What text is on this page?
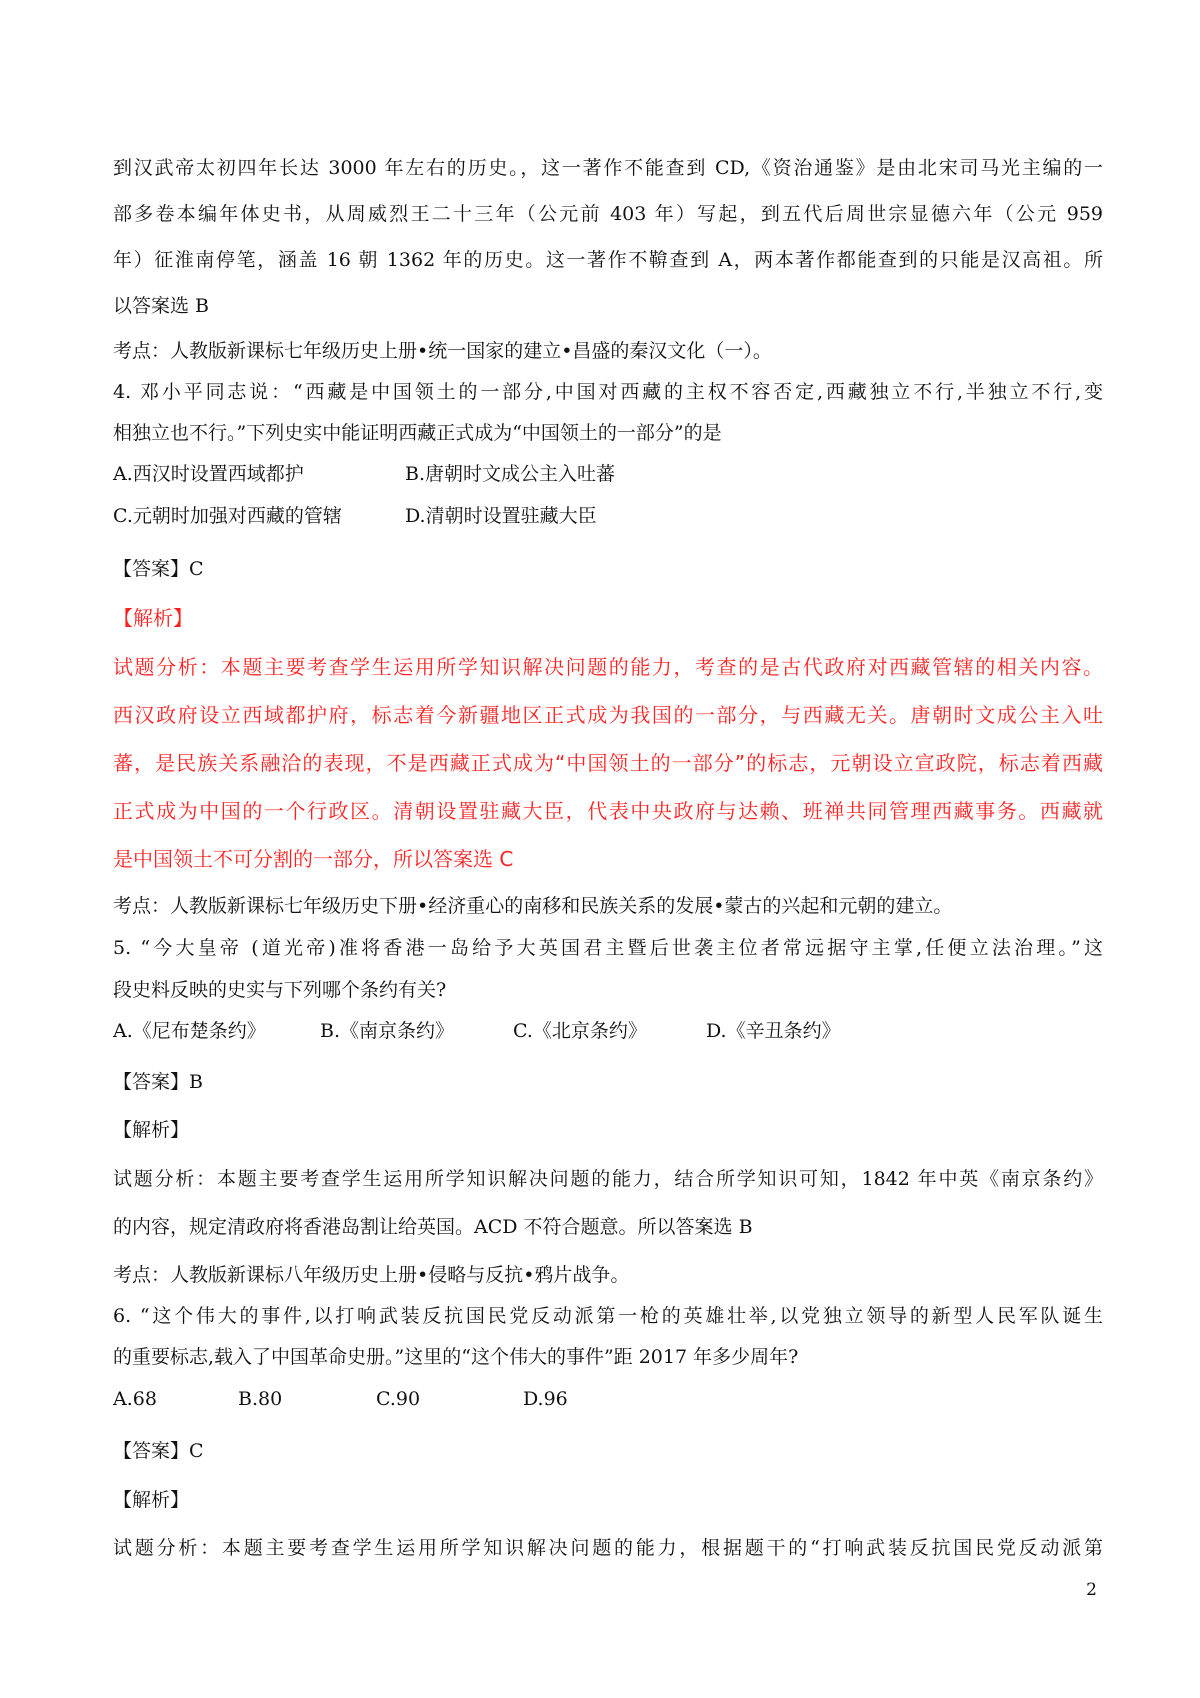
到汉武帝太初四年长达 3000 年左右的历史。，这一著作不能查到 CD,《资治通鉴》是由北宋司马光主编的一
部多卷本编年体史书，从周威烈王二十三年（公元前 403 年）写起，到五代后周世宗显德六年（公元 959
年）征淮南停笔，涵盖 16 朝 1362 年的历史。这一著作不鞥查到 A，两本著作都能查到的只能是汉高祖。所
以答案选 B
考点：人教版新课标七年级历史上册•统一国家的建立•昌盛的秦汉文化（一）。
4. 邓小平同志说：“西藏是中国领土的一部分,中国对西藏的主权不容否定,西藏独立不行,半独立不行,变
相独立也不行。”下列史实中能证明西藏正式成为“中国领土的一部分”的是
A.西汉时设置西域都护	B.唐朝时文成公主入吐蕃
C.元朝时加强对西藏的管辖	D.清朝时设置驻藏大臣
【答案】C
【解析】
试题分析：本题主要考查学生运用所学知识解决问题的能力，考查的是古代政府对西藏管辖的相关内容。
西汉政府设立西域都护府，标志着今新疆地区正式成为我国的一部分，与西藏无关。唐朝时文成公主入吐
蕃，是民族关系融洽的表现，不是西藏正式成为“中国领土的一部分”的标志，元朝设立宣政院，标志着西藏
正式成为中国的一个行政区。清朝设置驻藏大臣，代表中央政府与达赖、班禅共同管理西藏事务。西藏就
是中国领土不可分割的一部分，所以答案选 C
考点：人教版新课标七年级历史下册•经济重心的南移和民族关系的发展•蒙古的兴起和元朝的建立。
5. “今大皇帝 (道光帝)准将香港一岛给予大英国君主暨后世袭主位者常远据守主掌,任便立法治理。”这
段史料反映的史实与下列哪个条约有关?
A.《尼布楚条约》	B.《南京条约》	C.《北京条约》	D.《辛丑条约》
【答案】B
【解析】
试题分析：本题主要考查学生运用所学知识解决问题的能力，结合所学知识可知，1842 年中英《南京条约》
的内容，规定清政府将香港岛割让给英国。ACD 不符合题意。所以答案选 B
考点：人教版新课标八年级历史上册•侵略与反抗•鸦片战争。
6. “这个伟大的事件,以打响武装反抗国民党反动派第一枪的英雄壮举,以党独立领导的新型人民军队诞生
的重要标志,载入了中国革命史册。”这里的“这个伟大的事件”距 2017 年多少周年?
A.68	B.80	C.90	D.96
【答案】C
【解析】
试题分析：本题主要考查学生运用所学知识解决问题的能力，根据题干的“打响武装反抗国民党反动派第
2
